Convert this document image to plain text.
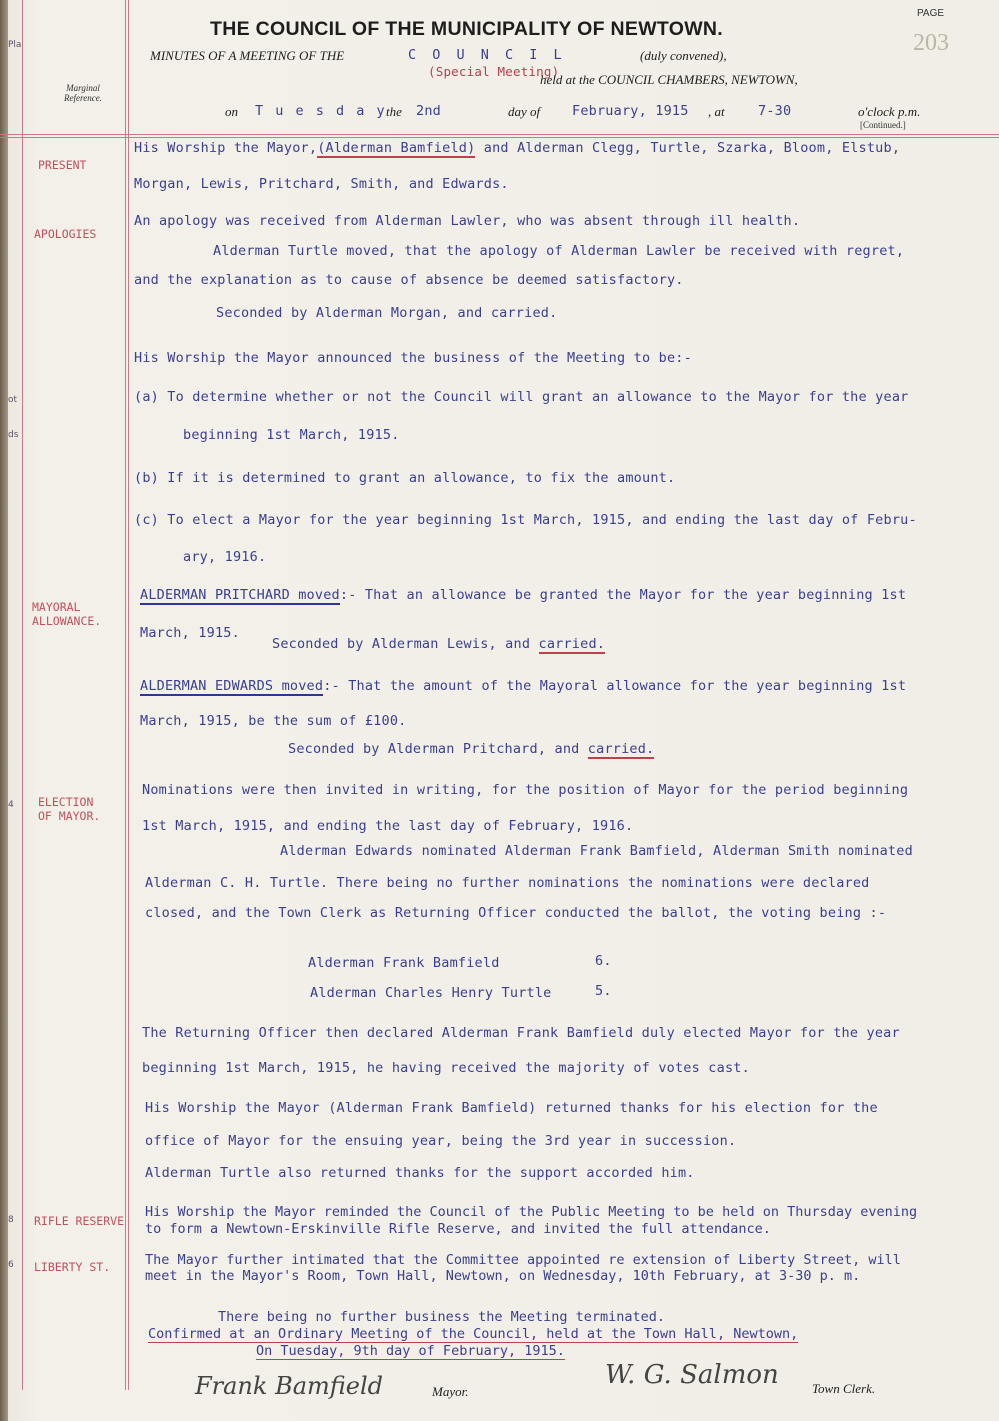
Pla
ot
ds
4
8
6
THE COUNCIL OF THE MUNICIPALITY OF NEWTOWN.
MINUTES OF A MEETING OF THE	C O U N C I L	(duly convened),
(Special Meeting)
held at the COUNCIL CHAMBERS, NEWTOWN,
Marginal
Reference.
on T u e s d a y the 2nd	day of February, 1915 , at 7-30	o'clock p.m.
[Continued.]
PAGE
203
PRESENT
APOLOGIES
MAYORAL
ALLOWANCE.
ELECTION
OF MAYOR.
RIFLE RESERVE
LIBERTY ST.
His Worship the Mayor,(Alderman Bamfield) and Alderman Clegg, Turtle, Szarka, Bloom, Elstub,
Morgan, Lewis, Pritchard, Smith, and Edwards.
An apology was received from Alderman Lawler, who was absent through ill health.
Alderman Turtle moved, that the apology of Alderman Lawler be received with regret,
and the explanation as to cause of absence be deemed satisfactory.
Seconded by Alderman Morgan, and carried.
His Worship the Mayor announced the business of the Meeting to be:-
(a) To determine whether or not the Council will grant an allowance to the Mayor for the year
beginning 1st March, 1915.
(b) If it is determined to grant an allowance, to fix the amount.
(c) To elect a Mayor for the year beginning 1st March, 1915, and ending the last day of Febru-
ary, 1916.
ALDERMAN PRITCHARD moved:- That an allowance be granted the Mayor for the year beginning 1st
March, 1915.
Seconded by Alderman Lewis, and carried.
ALDERMAN EDWARDS moved:- That the amount of the Mayoral allowance for the year beginning 1st
March, 1915, be the sum of £100.
Seconded by Alderman Pritchard, and carried.
Nominations were then invited in writing, for the position of Mayor for the period beginning
1st March, 1915, and ending the last day of February, 1916.
Alderman Edwards nominated Alderman Frank Bamfield, Alderman Smith nominated
Alderman C. H. Turtle. There being no further nominations the nominations were declared
closed, and the Town Clerk as Returning Officer conducted the ballot, the voting being :-
Alderman Frank Bamfield	6.
Alderman Charles Henry Turtle	5.
The Returning Officer then declared Alderman Frank Bamfield duly elected Mayor for the year
beginning 1st March, 1915, he having received the majority of votes cast.
His Worship the Mayor (Alderman Frank Bamfield) returned thanks for his election for the
office of Mayor for the ensuing year, being the 3rd year in succession.
Alderman Turtle also returned thanks for the support accorded him.
His Worship the Mayor reminded the Council of the Public Meeting to be held on Thursday evening
to form a Newtown-Erskinville Rifle Reserve, and invited the full attendance.
The Mayor further intimated that the Committee appointed re extension of Liberty Street, will
meet in the Mayor's Room, Town Hall, Newtown, on Wednesday, 10th February, at 3-30 p. m.
There being no further business the Meeting terminated.
Confirmed at an Ordinary Meeting of the Council, held at the Town Hall, Newtown,
On Tuesday, 9th day of February, 1915.
Frank Bamfield	Mayor.
W. G. Salmon	Town Clerk.
